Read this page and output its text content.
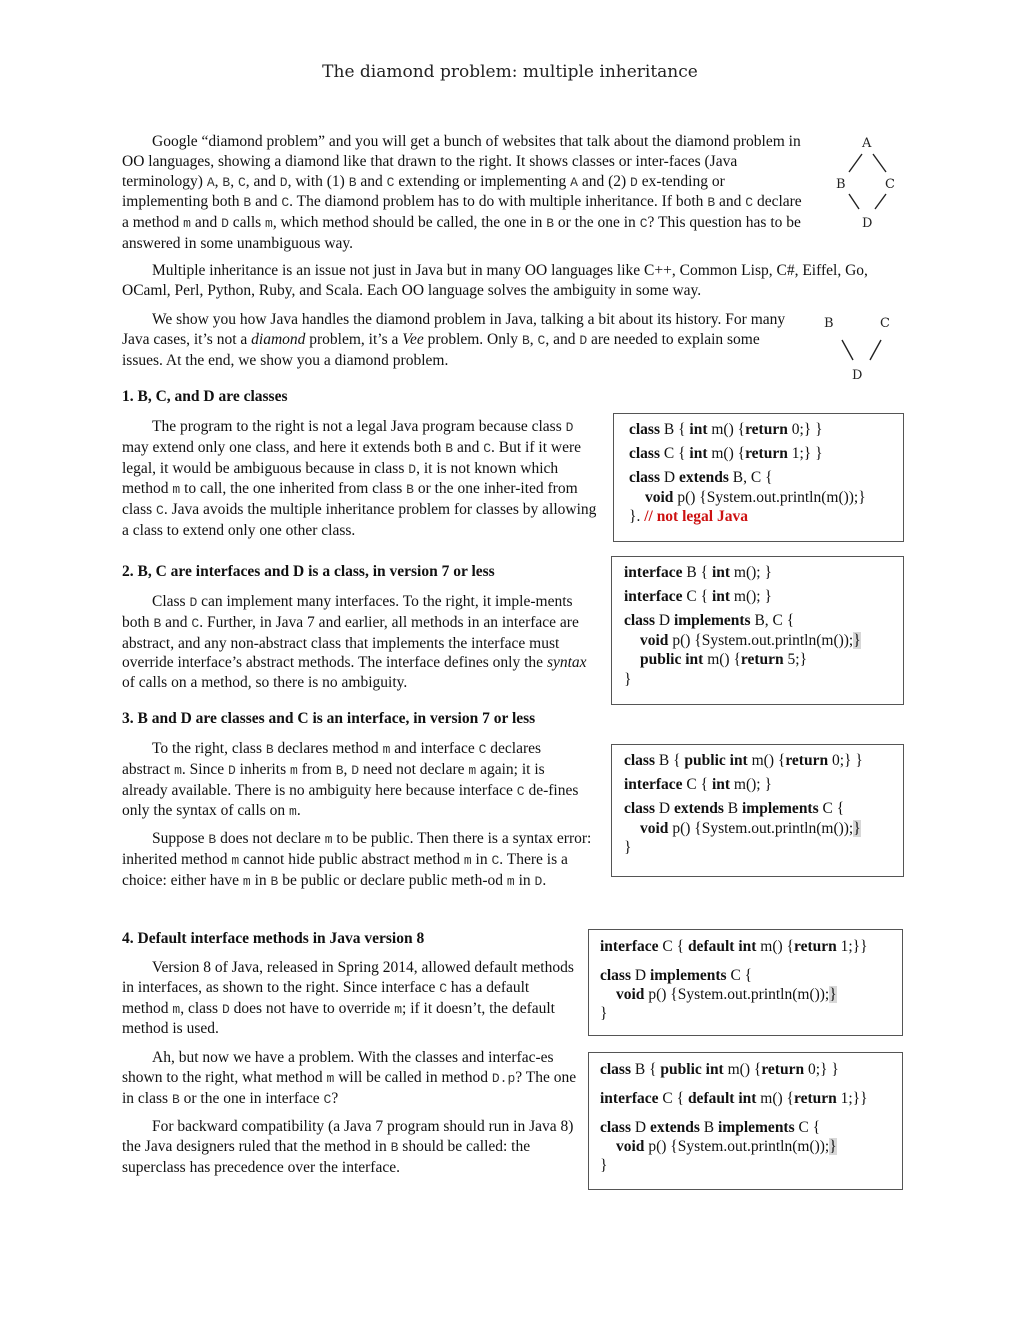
The diamond problem: multiple inheritance
Google “diamond problem” and you will get a bunch of websites that talk about the diamond problem in OO languages, showing a diamond like that drawn to the right. It shows classes or inter-faces (Java terminology) A, B, C, and D, with (1) B and C extending or implementing A and (2) D ex-tending or implementing both B and C. The diamond problem has to do with multiple inheritance. If both B and C declare a method m and D calls m, which method should be called, the one in B or the one in C? This question has to be answered in some unambiguous way.
A
B	C
D
Multiple inheritance is an issue not just in Java but in many OO languages like C++, Common Lisp, C#, Eiffel, Go, OCaml, Perl, Python, Ruby, and Scala. Each OO language solves the ambiguity in some way.
We show you how Java handles the diamond problem in Java, talking a bit about its history. For many Java cases, it’s not a diamond problem, it’s a Vee problem. Only B, C, and D are needed to explain some issues. At the end, we show you a diamond problem.
B	C
D
1. B, C, and D are classes
The program to the right is not a legal Java program because class D may extend only one class, and here it extends both B and C. But if it were legal, it would be ambiguous because in class D, it is not known which method m to call, the one inherited from class B or the one inher-ited from class C. Java avoids the multiple inheritance problem for classes by allowing a class to extend only one other class.
class B { int m() {return 0;} }
class C { int m() {return 1;} }
class D extends B, C {
void p() {System.out.println(m());}
}. // not legal Java
2. B, C are interfaces and D is a class, in version 7 or less
Class D can implement many interfaces. To the right, it imple-ments both B and C. Further, in Java 7 and earlier, all methods in an interface are abstract, and any non-abstract class that implements the interface must override interface’s abstract methods. The interface defines only the syntax of calls on a method, so there is no ambiguity.
interface B { int m(); }
interface C { int m(); }
class D implements B, C {
void p() {System.out.println(m());}
public int m() {return 5;}
}
3. B and D are classes and C is an interface, in version 7 or less
To the right, class B declares method m and interface C declares abstract m. Since D inherits m from B, D need not declare m again; it is already available. There is no ambiguity here because interface C de-fines only the syntax of calls on m.
Suppose B does not declare m to be public. Then there is a syntax error: inherited method m cannot hide public abstract method m in C. There is a choice: either have m in B be public or declare public meth-od m in D.
class B { public int m() {return 0;} }
interface C { int m(); }
class D extends B implements C {
void p() {System.out.println(m());}
}
4. Default interface methods in Java version 8
Version 8 of Java, released in Spring 2014, allowed default methods in interfaces, as shown to the right. Since interface C has a default method m, class D does not have to override m; if it doesn’t, the default method is used.
Ah, but now we have a problem. With the classes and interfac-es shown to the right, what method m will be called in method D.p? The one in class B or the one in interface C?
For backward compatibility (a Java 7 program should run in Java 8) the Java designers ruled that the method in B should be called: the superclass has precedence over the interface.
interface C { default int m() {return 1;}}
class D implements C {
void p() {System.out.println(m());}
}
class B { public int m() {return 0;} }
interface C { default int m() {return 1;}}
class D extends B implements C {
void p() {System.out.println(m());}
}
